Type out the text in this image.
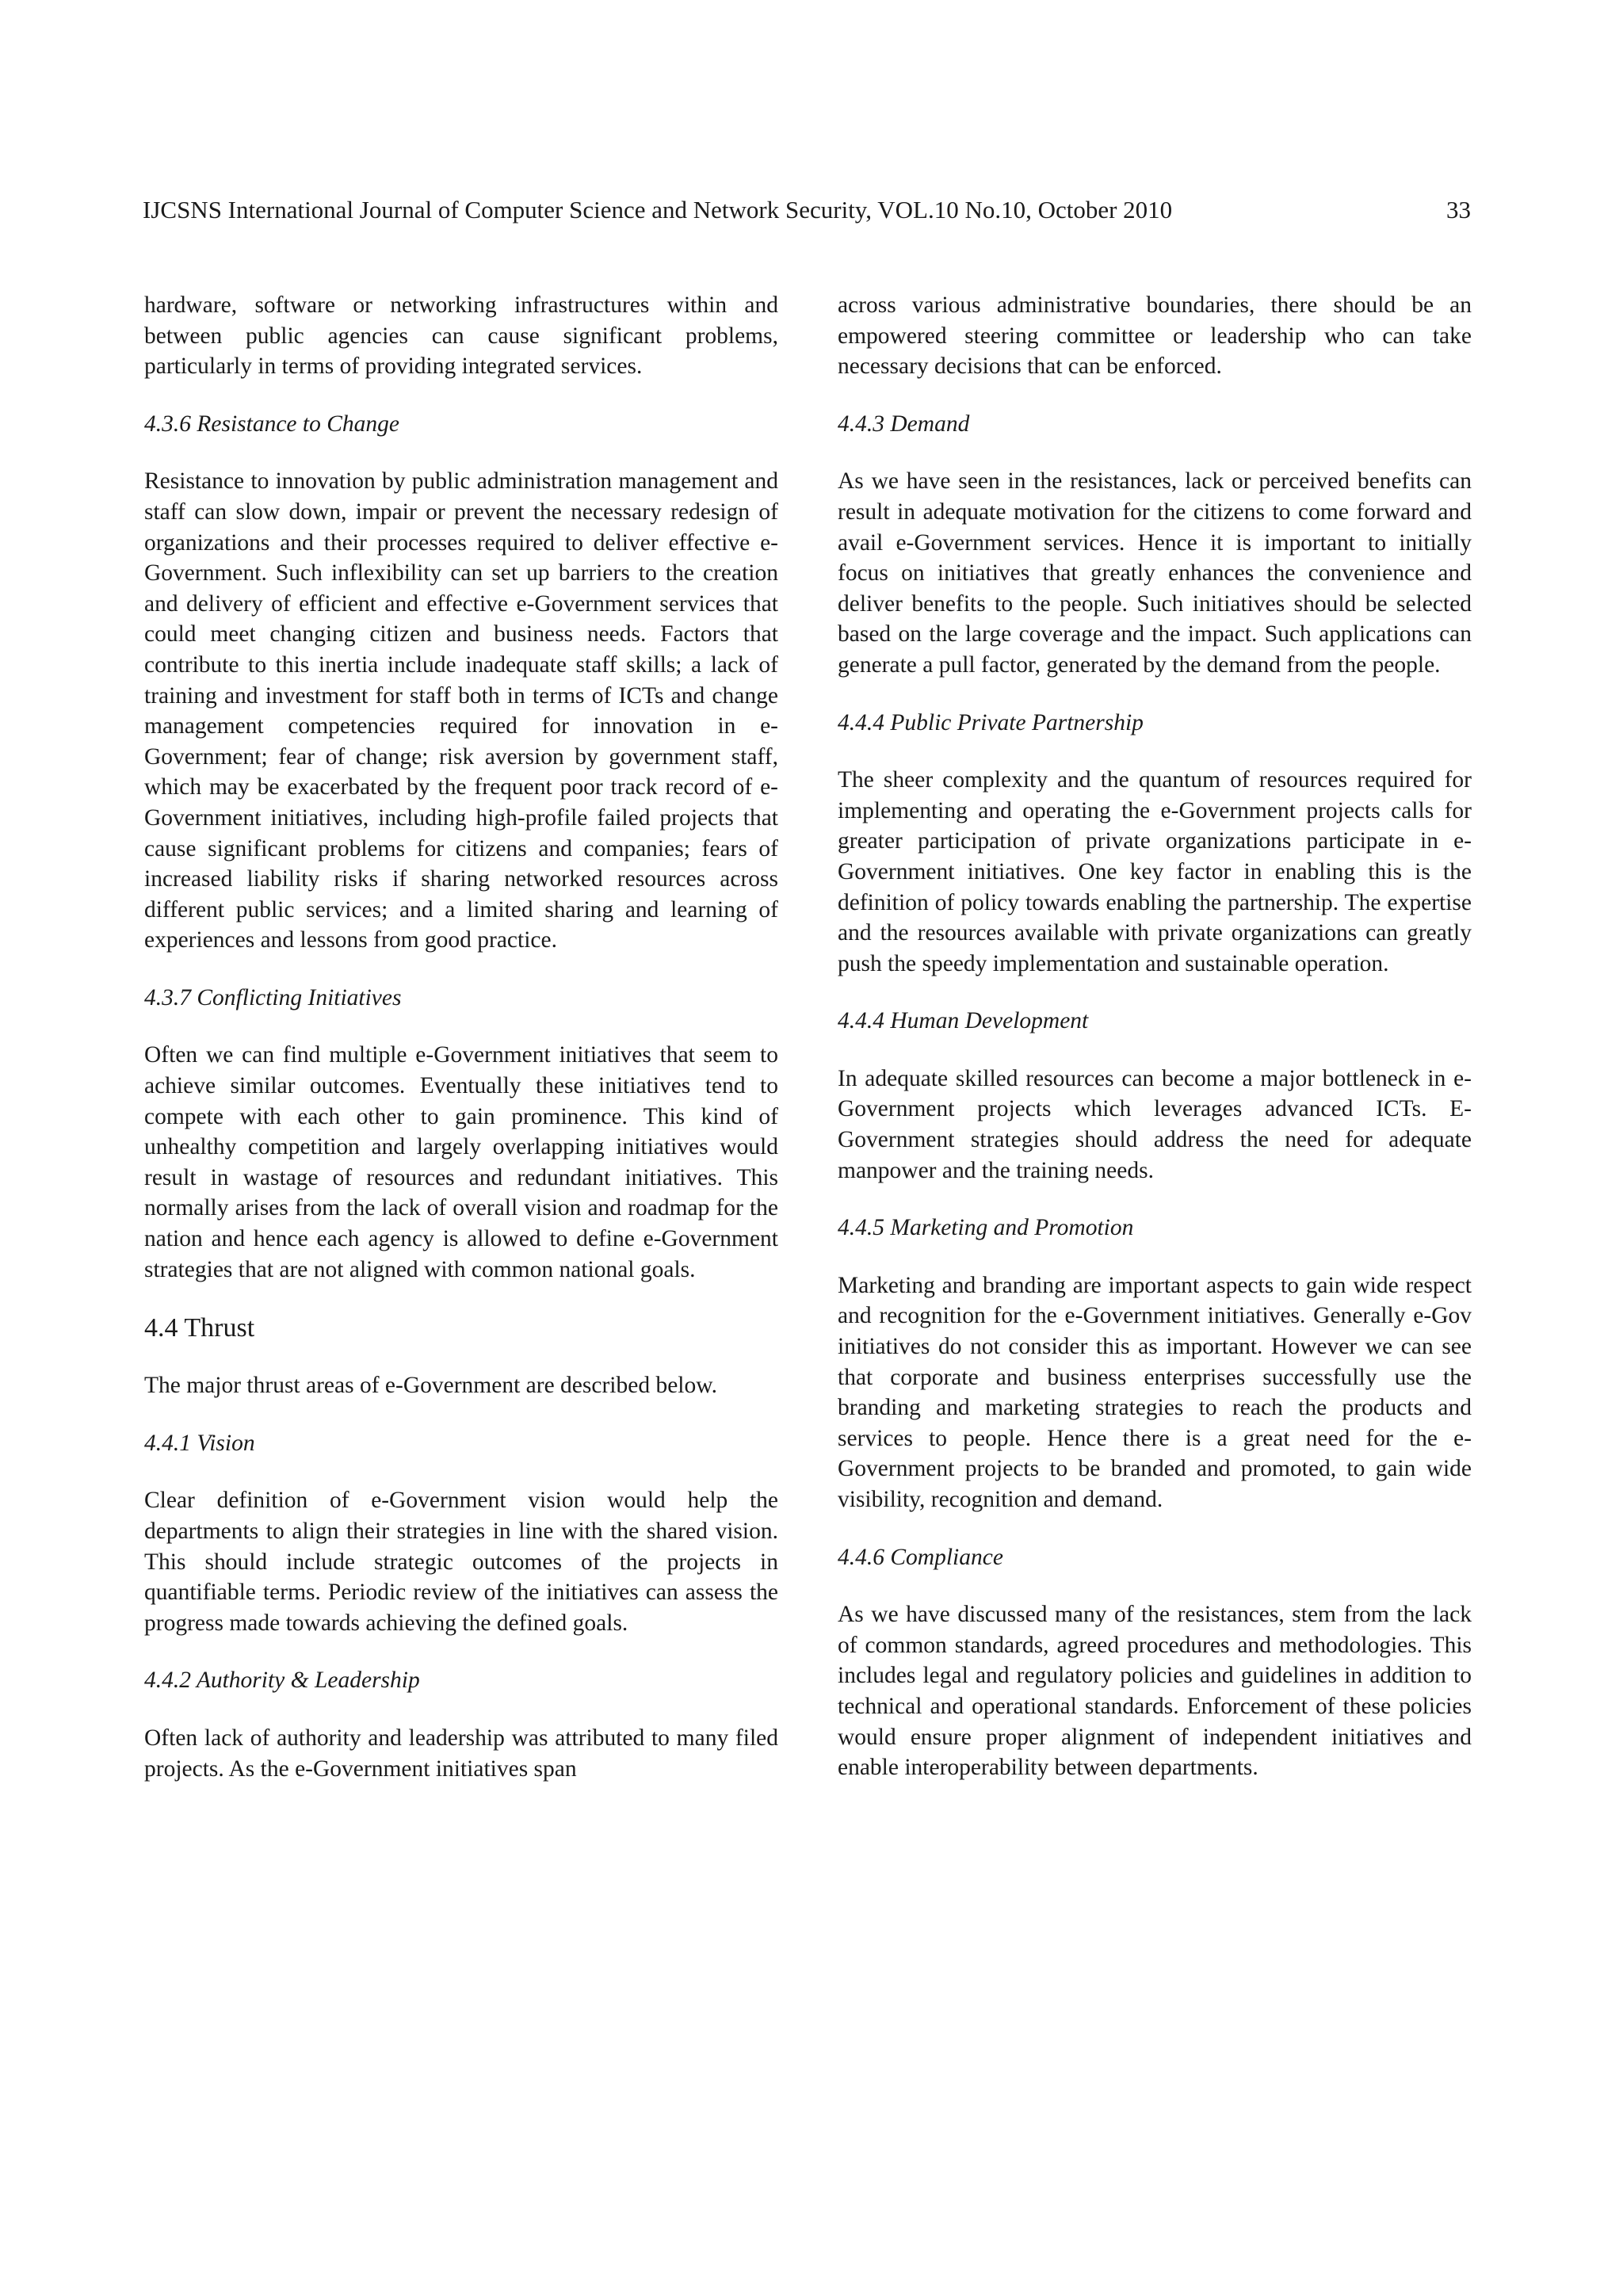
IJCSNS International Journal of Computer Science and Network Security, VOL.10 No.10, October 2010	33

hardware, software or networking infrastructures within and between public agencies can cause significant problems, particularly in terms of providing integrated services.

4.3.6 Resistance to Change

Resistance to innovation by public administration management and staff can slow down, impair or prevent the necessary redesign of organizations and their processes required to deliver effective e-Government. Such inflexibility can set up barriers to the creation and delivery of efficient and effective e-Government services that could meet changing citizen and business needs. Factors that contribute to this inertia include inadequate staff skills; a lack of training and investment for staff both in terms of ICTs and change management competencies required for innovation in e-Government; fear of change; risk aversion by government staff, which may be exacerbated by the frequent poor track record of e-Government initiatives, including high-profile failed projects that cause significant problems for citizens and companies; fears of increased liability risks if sharing networked resources across different public services; and a limited sharing and learning of experiences and lessons from good practice.

4.3.7 Conflicting Initiatives

Often we can find multiple e-Government initiatives that seem to achieve similar outcomes. Eventually these initiatives tend to compete with each other to gain prominence. This kind of unhealthy competition and largely overlapping initiatives would result in wastage of resources and redundant initiatives. This normally arises from the lack of overall vision and roadmap for the nation and hence each agency is allowed to define e-Government strategies that are not aligned with common national goals.

4.4 Thrust

The major thrust areas of e-Government are described below.

4.4.1 Vision

Clear definition of e-Government vision would help the departments to align their strategies in line with the shared vision. This should include strategic outcomes of the projects in quantifiable terms. Periodic review of the initiatives can assess the progress made towards achieving the defined goals.

4.4.2 Authority & Leadership

Often lack of authority and leadership was attributed to many filed projects. As the e-Government initiatives span

across various administrative boundaries, there should be an empowered steering committee or leadership who can take necessary decisions that can be enforced.

4.4.3 Demand

As we have seen in the resistances, lack or perceived benefits can result in adequate motivation for the citizens to come forward and avail e-Government services. Hence it is important to initially focus on initiatives that greatly enhances the convenience and deliver benefits to the people. Such initiatives should be selected based on the large coverage and the impact. Such applications can generate a pull factor, generated by the demand from the people.

4.4.4 Public Private Partnership

The sheer complexity and the quantum of resources required for implementing and operating the e-Government projects calls for greater participation of private organizations participate in e-Government initiatives. One key factor in enabling this is the definition of policy towards enabling the partnership. The expertise and the resources available with private organizations can greatly push the speedy implementation and sustainable operation.

4.4.4 Human Development

In adequate skilled resources can become a major bottleneck in e-Government projects which leverages advanced ICTs. E-Government strategies should address the need for adequate manpower and the training needs.

4.4.5 Marketing and Promotion

Marketing and branding are important aspects to gain wide respect and recognition for the e-Government initiatives. Generally e-Gov initiatives do not consider this as important. However we can see that corporate and business enterprises successfully use the branding and marketing strategies to reach the products and services to people. Hence there is a great need for the e-Government projects to be branded and promoted, to gain wide visibility, recognition and demand.

4.4.6 Compliance

As we have discussed many of the resistances, stem from the lack of common standards, agreed procedures and methodologies. This includes legal and regulatory policies and guidelines in addition to technical and operational standards. Enforcement of these policies would ensure proper alignment of independent initiatives and enable interoperability between departments.
